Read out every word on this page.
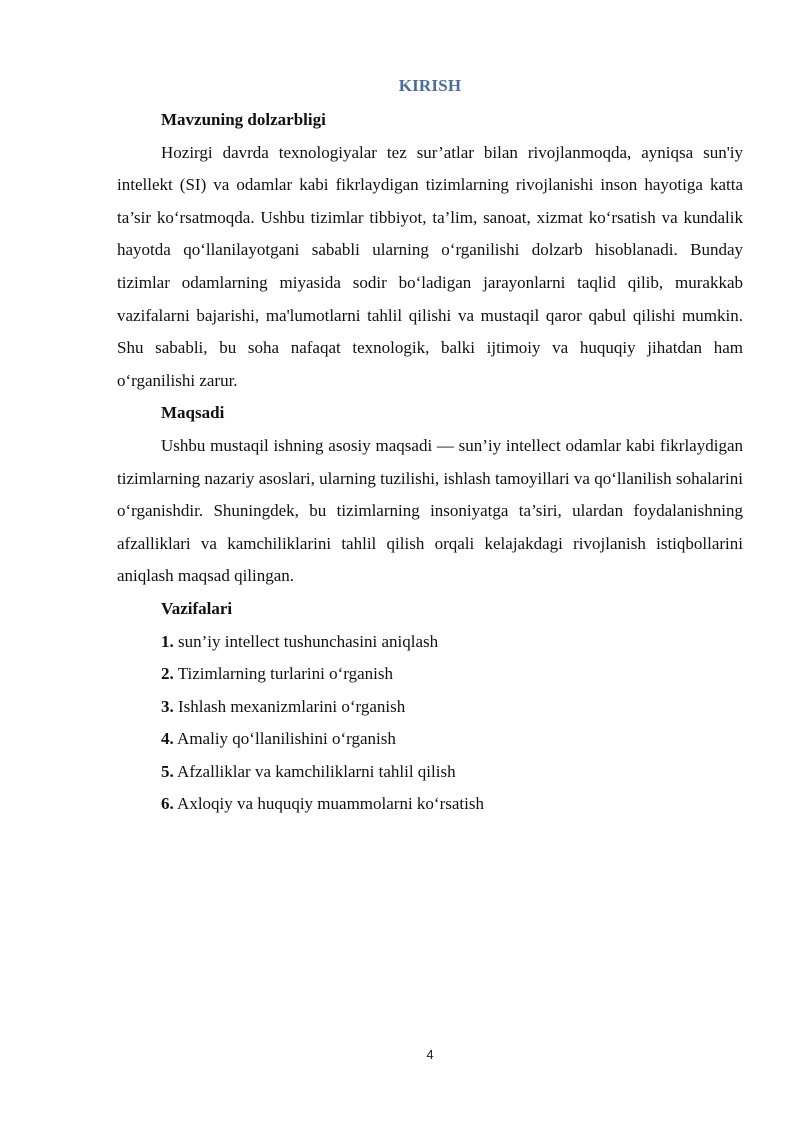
KIRISH

Mavzuning dolzarbligi

Hozirgi davrda texnologiyalar tez sur’atlar bilan rivojlanmoqda, ayniqsa sun'iy intellekt (SI) va odamlar kabi fikrlaydigan tizimlarning rivojlanishi inson hayotiga katta ta’sir ko‘rsatmoqda. Ushbu tizimlar tibbiyot, ta’lim, sanoat, xizmat ko‘rsatish va kundalik hayotda qo‘llanilayotgani sababli ularning o‘rganilishi dolzarb hisoblanadi. Bunday tizimlar odamlarning miyasida sodir bo‘ladigan jarayonlarni taqlid qilib, murakkab vazifalarni bajarishi, ma'lumotlarni tahlil qilishi va mustaqil qaror qabul qilishi mumkin. Shu sababli, bu soha nafaqat texnologik, balki ijtimoiy va huquqiy jihatdan ham o‘rganilishi zarur.

Maqsadi

Ushbu mustaqil ishning asosiy maqsadi — sun’iy intellect odamlar kabi fikrlaydigan tizimlarning nazariy asoslari, ularning tuzilishi, ishlash tamoyillari va qo‘llanilish sohalarini o‘rganishdir. Shuningdek, bu tizimlarning insoniyatga ta’siri, ulardan foydalanishning afzalliklari va kamchiliklarini tahlil qilish orqali kelajakdagi rivojlanish istiqbollarini aniqlash maqsad qilingan.

Vazifalari

1. sun’iy intellect tushunchasini aniqlash

2. Tizimlarning turlarini o‘rganish

3. Ishlash mexanizmlarini o‘rganish

4. Amaliy qo‘llanilishini o‘rganish

5. Afzalliklar va kamchiliklarni tahlil qilish

6. Axloqiy va huquqiy muammolarni ko‘rsatish

4
